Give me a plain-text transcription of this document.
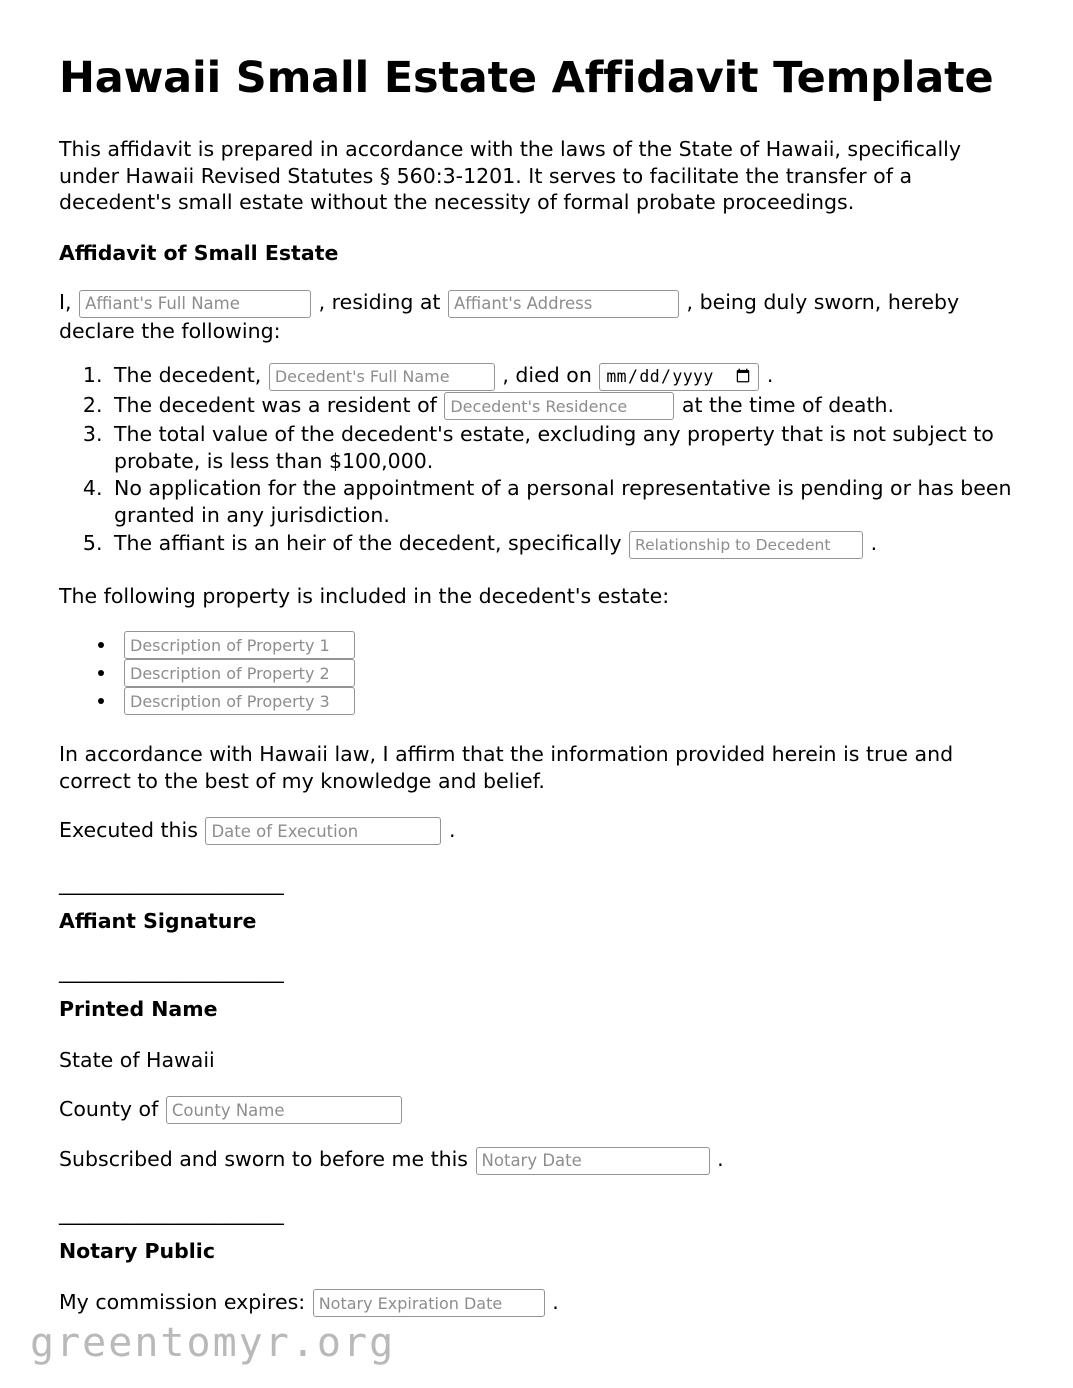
Hawaii Small Estate Affidavit Template

This affidavit is prepared in accordance with the laws of the State of Hawaii, specifically under Hawaii Revised Statutes § 560:3-1201. It serves to facilitate the transfer of a decedent's small estate without the necessity of formal probate proceedings.

Affidavit of Small Estate

I, Affiant's Full Name	, residing at Affiant's Address	, being duly sworn, hereby declare the following:

1. The decedent, Decedent's Full Name	, died on mm/dd/yyyy	.
2. The decedent was a resident of Decedent's Residence	at the time of death.
3. The total value of the decedent's estate, excluding any property that is not subject to probate, is less than $100,000.
4. No application for the appointment of a personal representative is pending or has been granted in any jurisdiction.
5. The affiant is an heir of the decedent, specifically Relationship to Decedent	.

The following property is included in the decedent's estate:

• Description of Property 1
• Description of Property 2
• Description of Property 3

In accordance with Hawaii law, I affirm that the information provided herein is true and correct to the best of my knowledge and belief.

Executed this Date of Execution	.

_______________________
Affiant Signature
_______________________
Printed Name

State of Hawaii

County of County Name

Subscribed and sworn to before me this Notary Date	.

_______________________
Notary Public

My commission expires: Notary Expiration Date	.

greentomyr.org
